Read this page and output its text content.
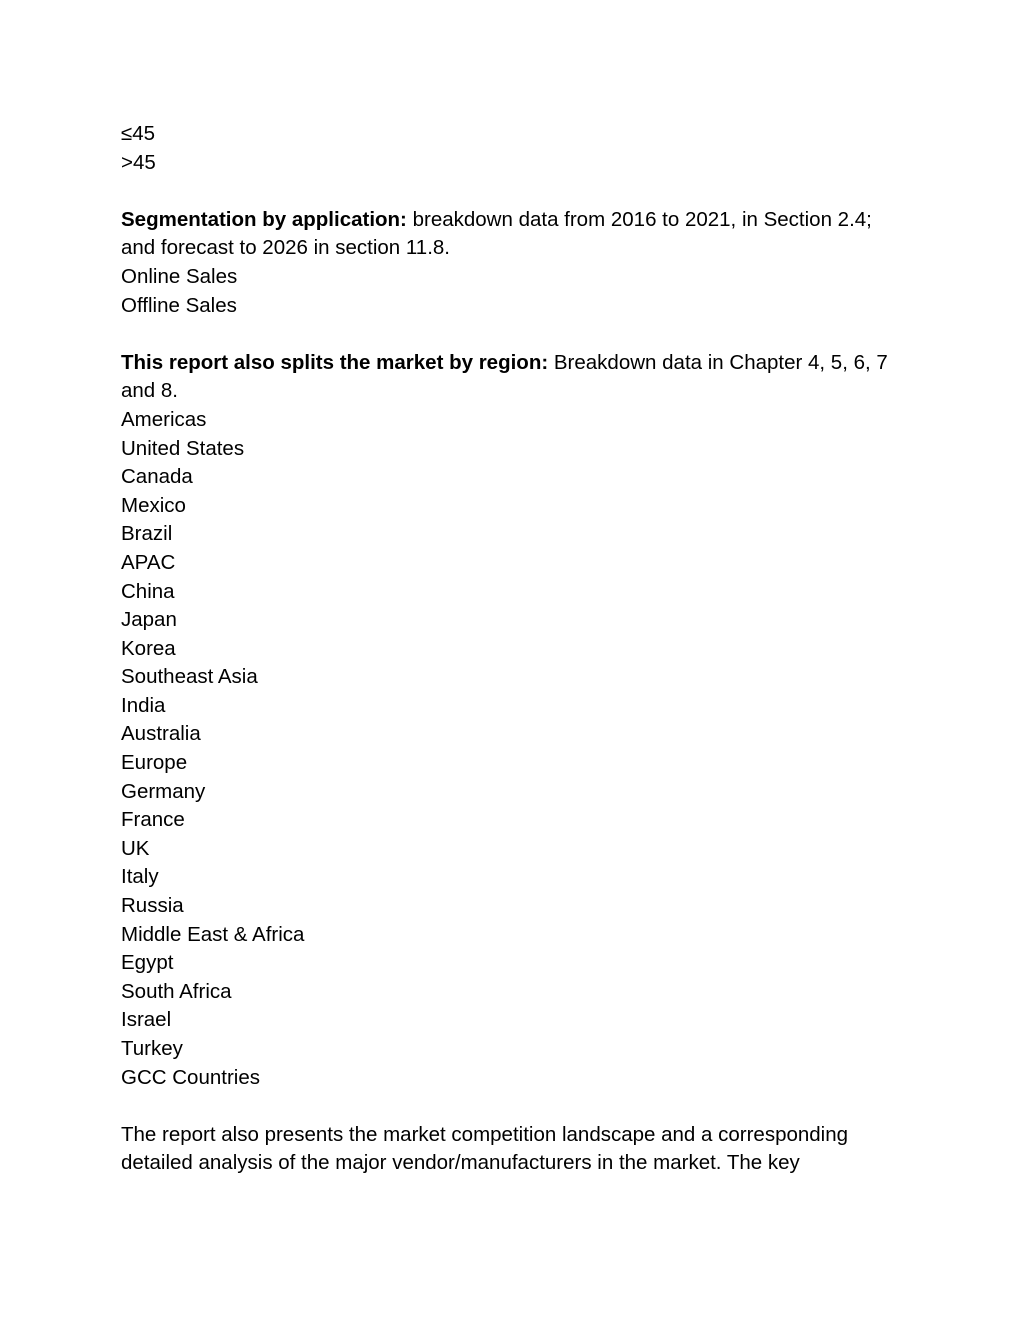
≤45
>45
Segmentation by application: breakdown data from 2016 to 2021, in Section 2.4; and forecast to 2026 in section 11.8.
Online Sales
Offline Sales
This report also splits the market by region: Breakdown data in Chapter 4, 5, 6, 7 and 8.
Americas
United States
Canada
Mexico
Brazil
APAC
China
Japan
Korea
Southeast Asia
India
Australia
Europe
Germany
France
UK
Italy
Russia
Middle East & Africa
Egypt
South Africa
Israel
Turkey
GCC Countries
The report also presents the market competition landscape and a corresponding detailed analysis of the major vendor/manufacturers in the market. The key
